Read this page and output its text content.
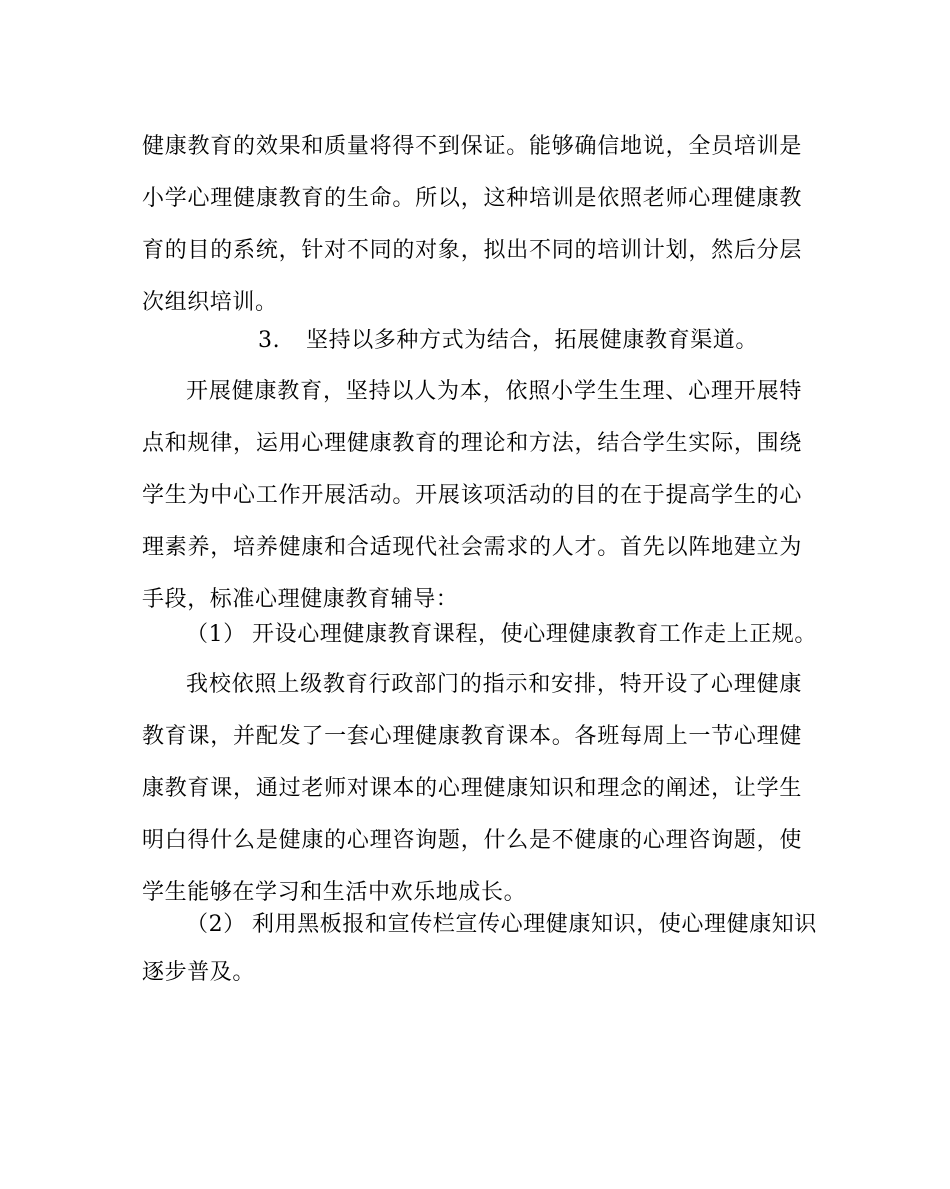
健康教育的效果和质量将得不到保证。能够确信地说，全员培训是小学心理健康教育的生命。所以，这种培训是依照老师心理健康教育的目的系统，针对不同的对象，拟出不同的培训计划，然后分层次组织培训。

3. 坚持以多种方式为结合，拓展健康教育渠道。

开展健康教育，坚持以人为本，依照小学生生理、心理开展特点和规律，运用心理健康教育的理论和方法，结合学生实际，围绕学生为中心工作开展活动。开展该项活动的目的在于提高学生的心理素养，培养健康和合适现代社会需求的人才。首先以阵地建立为手段，标准心理健康教育辅导：

（1） 开设心理健康教育课程，使心理健康教育工作走上正规。

我校依照上级教育行政部门的指示和安排，特开设了心理健康教育课，并配发了一套心理健康教育课本。各班每周上一节心理健康教育课，通过老师对课本的心理健康知识和理念的阐述，让学生明白得什么是健康的心理咨询题，什么是不健康的心理咨询题，使学生能够在学习和生活中欢乐地成长。

（2） 利用黑板报和宣传栏宣传心理健康知识，使心理健康知识

逐步普及。
